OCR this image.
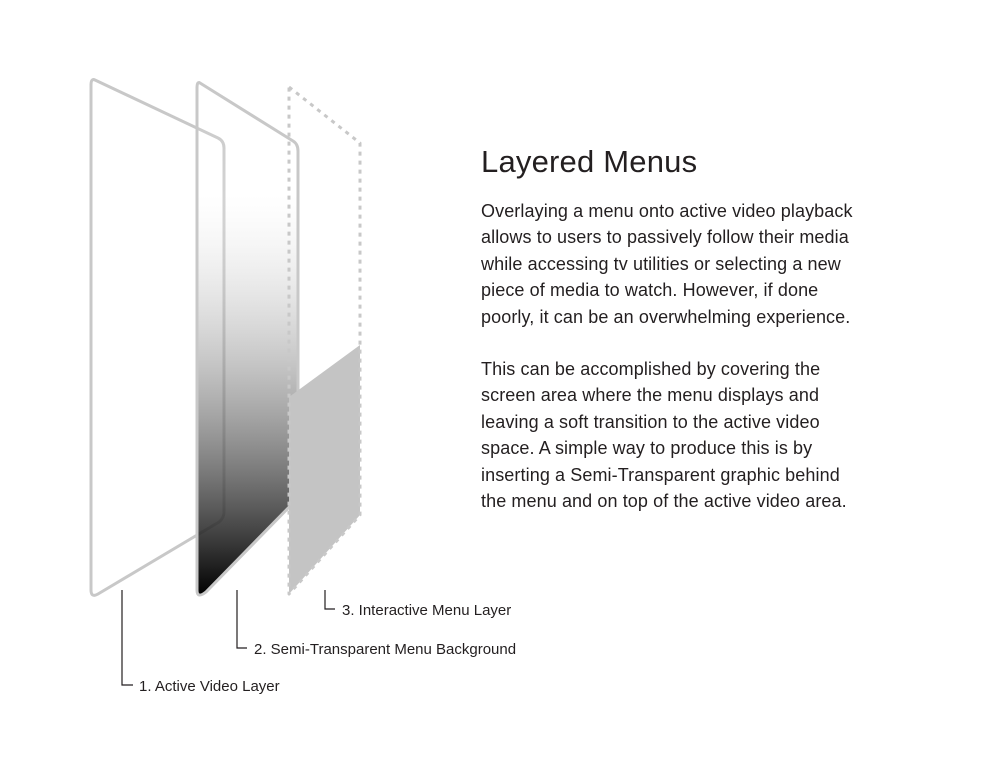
1. Active Video Layer
2. Semi-Transparent Menu Background
3. Interactive Menu Layer
Layered Menus

Overlaying a menu onto active video playback
allows to users to passively follow their media
while accessing tv utilities or selecting a new
piece of media to watch. However, if done
poorly, it can be an overwhelming experience.

This can be accomplished by covering the
screen area where the menu displays and
leaving a soft transition to the active video
space. A simple way to produce this is by
inserting a Semi-Transparent graphic behind
the menu and on top of the active video area.
